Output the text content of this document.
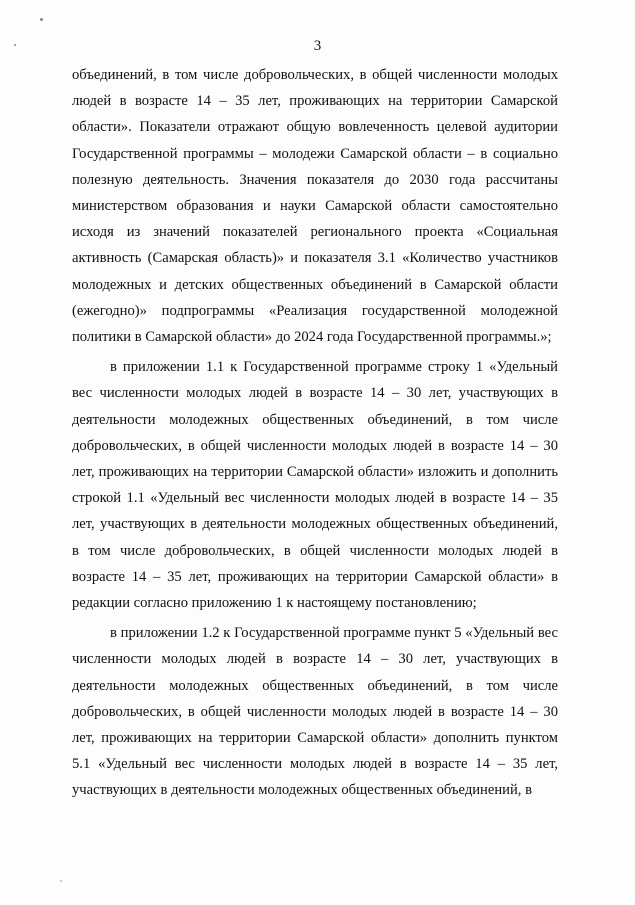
3

объединений, в том числе добровольческих, в общей численности молодых людей в возрасте 14 – 35 лет, проживающих на территории Самарской области». Показатели отражают общую вовлеченность целевой аудитории Государственной программы – молодежи Самарской области – в социально полезную деятельность. Значения показателя до 2030 года рассчитаны министерством образования и науки Самарской области самостоятельно исходя из значений показателей регионального проекта «Социальная активность (Самарская область)» и показателя 3.1 «Количество участников молодежных и детских общественных объединений в Самарской области (ежегодно)» подпрограммы «Реализация государственной молодежной политики в Самарской области» до 2024 года Государственной программы.»;

в приложении 1.1 к Государственной программе строку 1 «Удельный вес численности молодых людей в возрасте 14 – 30 лет, участвующих в деятельности молодежных общественных объединений, в том числе добровольческих, в общей численности молодых людей в возрасте 14 – 30 лет, проживающих на территории Самарской области» изложить и дополнить строкой 1.1 «Удельный вес численности молодых людей в возрасте 14 – 35 лет, участвующих в деятельности молодежных общественных объединений, в том числе добровольческих, в общей численности молодых людей в возрасте 14 – 35 лет, проживающих на территории Самарской области» в редакции согласно приложению 1 к настоящему постановлению;

в приложении 1.2 к Государственной программе пункт 5 «Удельный вес численности молодых людей в возрасте 14 – 30 лет, участвующих в деятельности молодежных общественных объединений, в том числе добровольческих, в общей численности молодых людей в возрасте 14 – 30 лет, проживающих на территории Самарской области» дополнить пунктом 5.1 «Удельный вес численности молодых людей в возрасте 14 – 35 лет, участвующих в деятельности молодежных общественных объединений, в
